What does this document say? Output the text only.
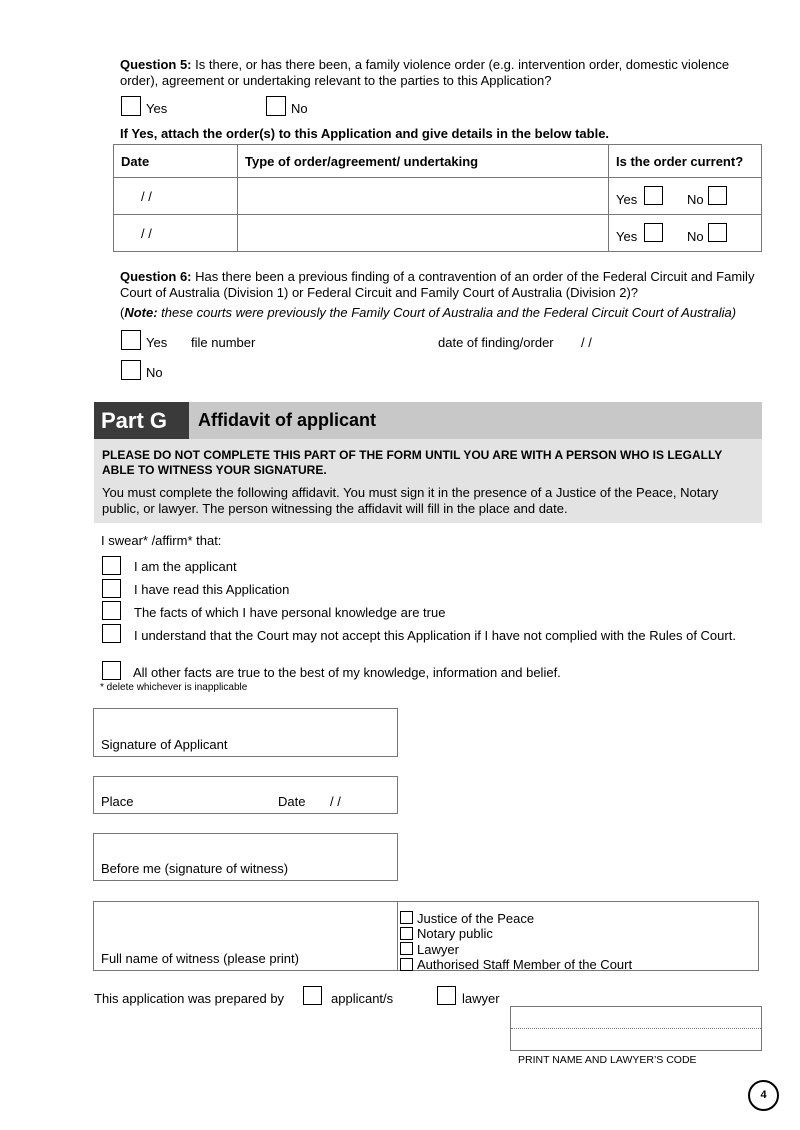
Question 5: Is there, or has there been, a family violence order (e.g. intervention order, domestic violence order), agreement or undertaking relevant to the parties to this Application?
Yes	No
If Yes, attach the order(s) to this Application and give details in the below table.
Date	Type of order/agreement/ undertaking	Is the order current?
/ /		Yes No

/ /		Yes No
Question 6: Has there been a previous finding of a contravention of an order of the Federal Circuit and Family Court of Australia (Division 1) or Federal Circuit and Family Court of Australia (Division 2)?
(Note: these courts were previously the Family Court of Australia and the Federal Circuit Court of Australia)
Yes file number	date of finding/order / /
No
Part G	Affidavit of applicant
PLEASE DO NOT COMPLETE THIS PART OF THE FORM UNTIL YOU ARE WITH A PERSON WHO IS LEGALLY ABLE TO WITNESS YOUR SIGNATURE.
You must complete the following affidavit. You must sign it in the presence of a Justice of the Peace, Notary public, or lawyer. The person witnessing the affidavit will fill in the place and date.
I swear* /affirm* that:
I am the applicant
I have read this Application
The facts of which I have personal knowledge are true
I understand that the Court may not accept this Application if I have not complied with the Rules of Court.
All other facts are true to the best of my knowledge, information and belief.
* delete whichever is inapplicable
Signature of Applicant
Place	Date / /
Before me (signature of witness)
Full name of witness (please print)
Justice of the Peace
Notary public
Lawyer
Authorised Staff Member of the Court
This application was prepared by	applicant/s	lawyer
PRINT NAME AND LAWYER’S CODE
4
